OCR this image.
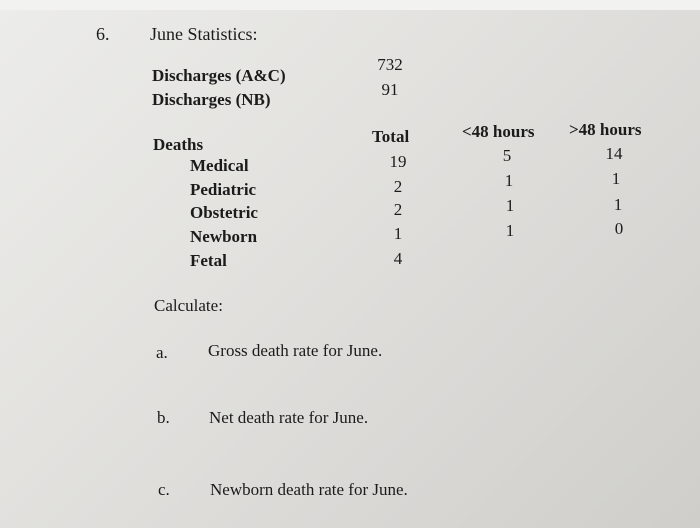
6. June Statistics:
Discharges (A&C)
732
Discharges (NB)
91
Deaths	Total	<48 hours >48 hours
Medical	19	5	14
Pediatric	2	1	1
Obstetric	2	1	1
Newborn	1	1	0
Fetal	4
Calculate:
a. Gross death rate for June.
b. Net death rate for June.
c. Newborn death rate for June.
